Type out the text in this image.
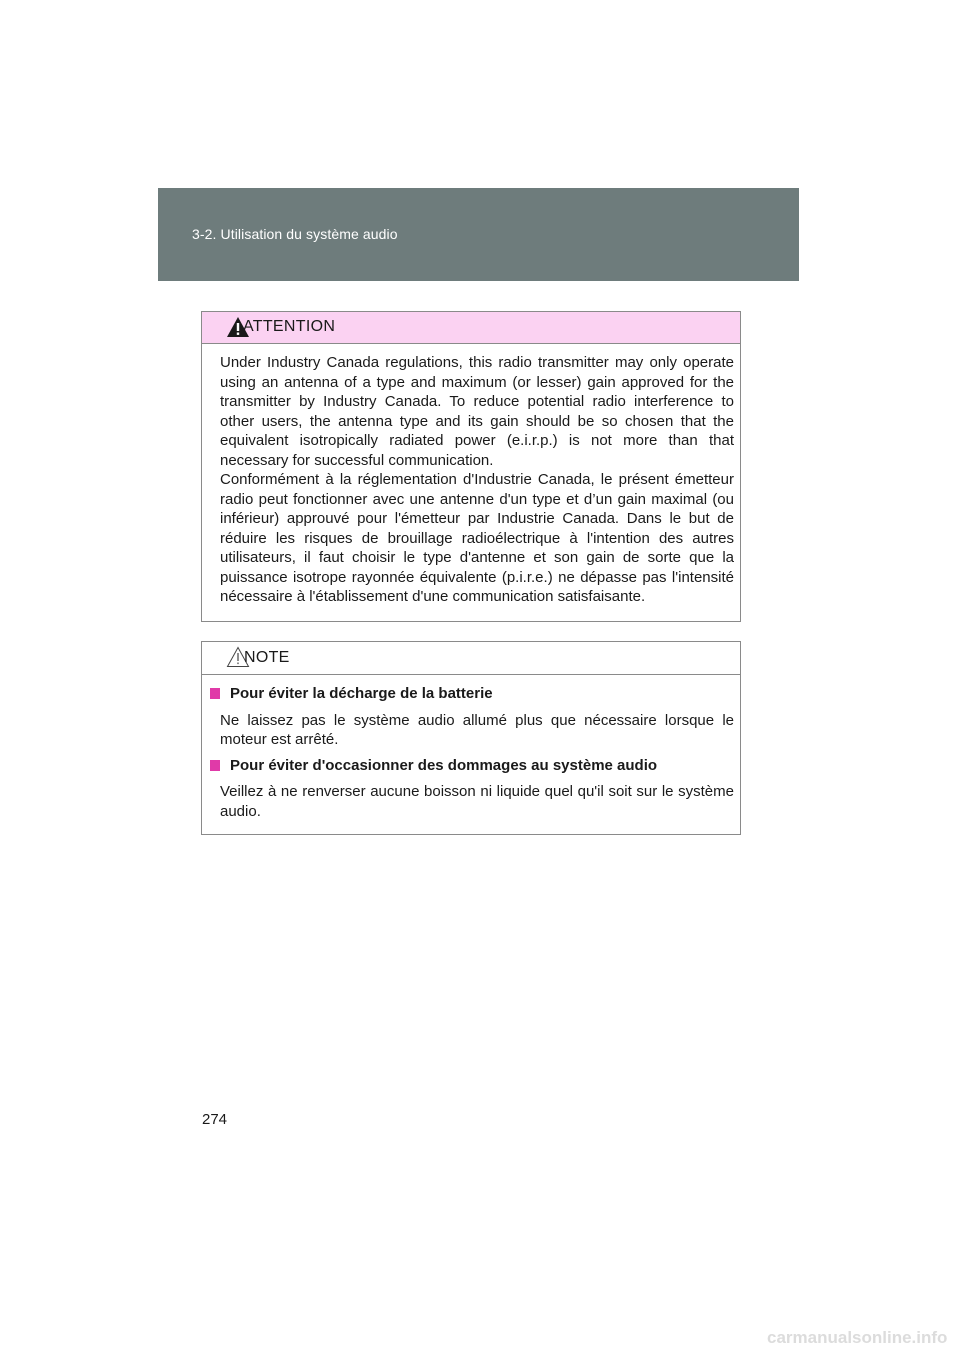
3-2. Utilisation du système audio
ATTENTION

Under Industry Canada regulations, this radio transmitter may only operate using an antenna of a type and maximum (or lesser) gain approved for the transmitter by Industry Canada. To reduce potential radio interference to other users, the antenna type and its gain should be so chosen that the equivalent isotropically radiated power (e.i.r.p.) is not more than that necessary for successful communication.

Conformément à la réglementation d'Industrie Canada, le présent émetteur radio peut fonctionner avec une antenne d'un type et d’un gain maximal (ou inférieur) approuvé pour l'émetteur par Industrie Canada. Dans le but de réduire les risques de brouillage radioélectrique à l'intention des autres utilisateurs, il faut choisir le type d'antenne et son gain de sorte que la puissance isotrope rayonnée équivalente (p.i.r.e.) ne dépasse pas l'intensité nécessaire à l'établissement d'une communication satisfaisante.

NOTE
Pour éviter la décharge de la batterie

Ne laissez pas le système audio allumé plus que nécessaire lorsque le moteur est arrêté.

Pour éviter d'occasionner des dommages au système audio

Veillez à ne renverser aucune boisson ni liquide quel qu'il soit sur le système audio.

274
carmanualsonline.info
